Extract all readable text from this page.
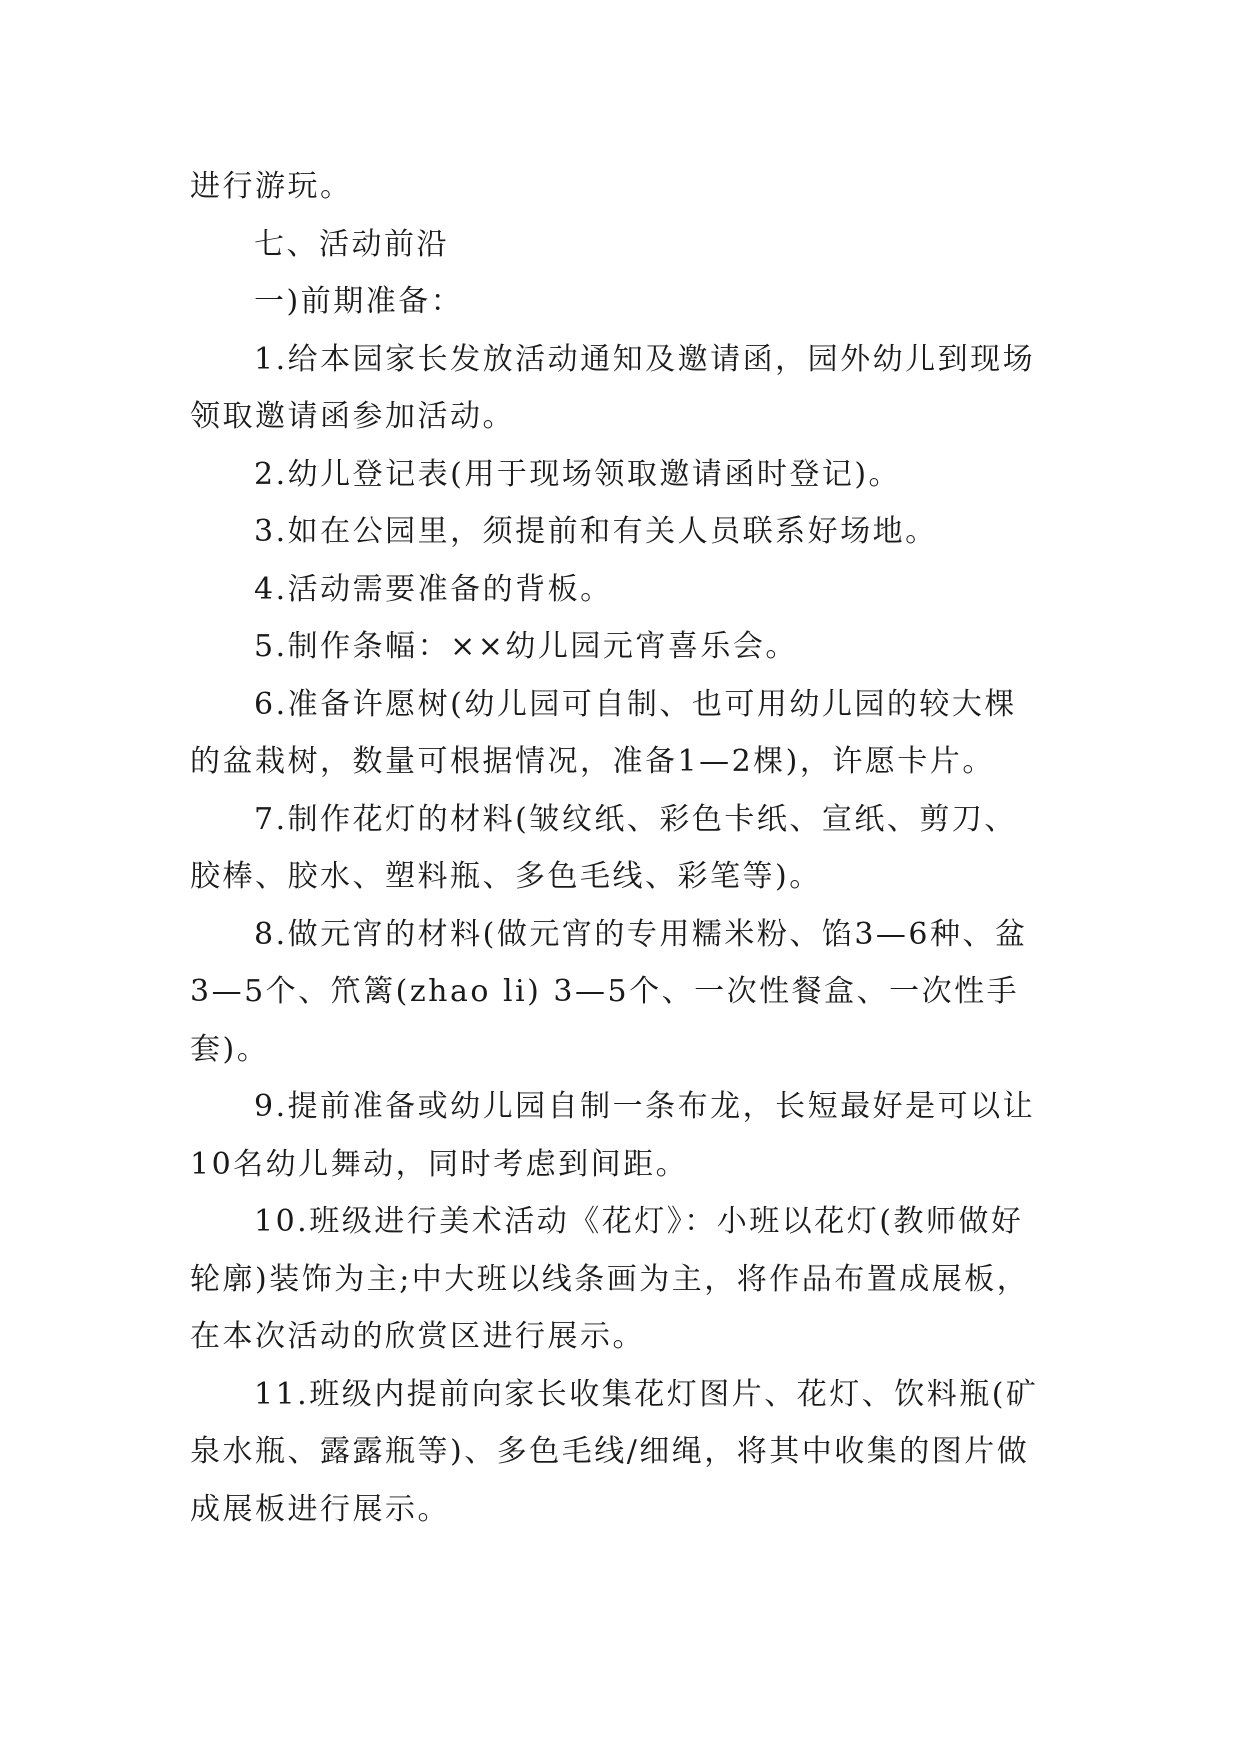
进行游玩。
七、活动前沿
一)前期准备：
1.给本园家长发放活动通知及邀请函，园外幼儿到现场
领取邀请函参加活动。
2.幼儿登记表(用于现场领取邀请函时登记)。
3.如在公园里，须提前和有关人员联系好场地。
4.活动需要准备的背板。
5.制作条幅：××幼儿园元宵喜乐会。
6.准备许愿树(幼儿园可自制、也可用幼儿园的较大棵
的盆栽树，数量可根据情况，准备1—2棵)，许愿卡片。
7.制作花灯的材料(皱纹纸、彩色卡纸、宣纸、剪刀、
胶棒、胶水、塑料瓶、多色毛线、彩笔等)。
8.做元宵的材料(做元宵的专用糯米粉、馅3—6种、盆
3—5个、笊篱(zhao li) 3—5个、一次性餐盒、一次性手
套)。
9.提前准备或幼儿园自制一条布龙，长短最好是可以让
10名幼儿舞动，同时考虑到间距。
10.班级进行美术活动《花灯》：小班以花灯(教师做好
轮廓)装饰为主;中大班以线条画为主，将作品布置成展板，
在本次活动的欣赏区进行展示。
11.班级内提前向家长收集花灯图片、花灯、饮料瓶(矿
泉水瓶、露露瓶等)、多色毛线/细绳，将其中收集的图片做
成展板进行展示。
